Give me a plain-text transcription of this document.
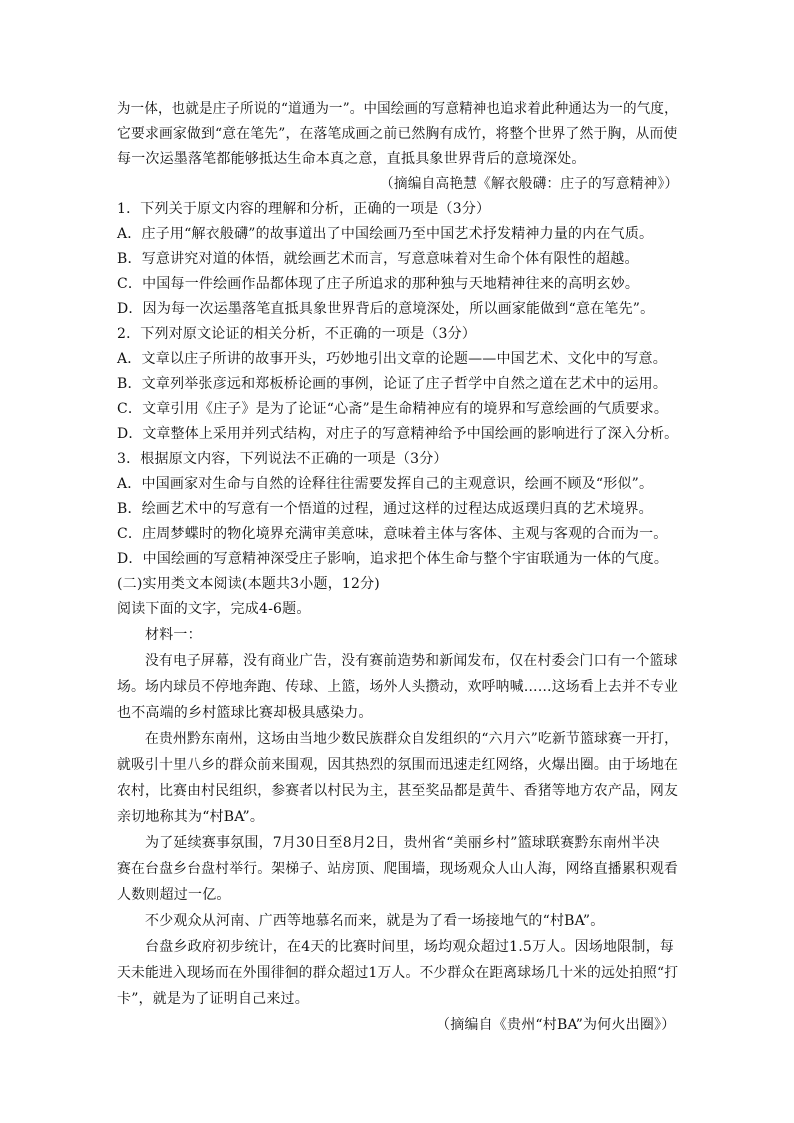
为一体，也就是庄子所说的“道通为一”。中国绘画的写意精神也追求着此种通达为一的气度，
它要求画家做到“意在笔先”，在落笔成画之前已然胸有成竹，将整个世界了然于胸，从而使
每一次运墨落笔都能够抵达生命本真之意，直抵具象世界背后的意境深处。
（摘编自高艳慧《解衣般礴：庄子的写意精神》）
1．下列关于原文内容的理解和分析，正确的一项是（3分）
A．庄子用“解衣般礴”的故事道出了中国绘画乃至中国艺术抒发精神力量的内在气质。
B．写意讲究对道的体悟，就绘画艺术而言，写意意味着对生命个体有限性的超越。
C．中国每一件绘画作品都体现了庄子所追求的那种独与天地精神往来的高明玄妙。
D．因为每一次运墨落笔直抵具象世界背后的意境深处，所以画家能做到“意在笔先”。
2．下列对原文论证的相关分析，不正确的一项是（3分）
A．文章以庄子所讲的故事开头，巧妙地引出文章的论题——中国艺术、文化中的写意。
B．文章列举张彦远和郑板桥论画的事例，论证了庄子哲学中自然之道在艺术中的运用。
C．文章引用《庄子》是为了论证“心斋”是生命精神应有的境界和写意绘画的气质要求。
D．文章整体上采用并列式结构，对庄子的写意精神给予中国绘画的影响进行了深入分析。
3．根据原文内容，下列说法不正确的一项是（3分）
A．中国画家对生命与自然的诠释往往需要发挥自己的主观意识，绘画不顾及“形似”。
B．绘画艺术中的写意有一个悟道的过程，通过这样的过程达成返璞归真的艺术境界。
C．庄周梦蝶时的物化境界充满审美意味，意味着主体与客体、主观与客观的合而为一。
D．中国绘画的写意精神深受庄子影响，追求把个体生命与整个宇宙联通为一体的气度。
(二)实用类文本阅读(本题共3小题，12分)
阅读下面的文字，完成4-6题。
材料一：
没有电子屏幕，没有商业广告，没有赛前造势和新闻发布，仅在村委会门口有一个篮球
场。场内球员不停地奔跑、传球、上篮，场外人头攒动，欢呼呐喊……这场看上去并不专业
也不高端的乡村篮球比赛却极具感染力。
在贵州黔东南州，这场由当地少数民族群众自发组织的“六月六”吃新节篮球赛一开打，
就吸引十里八乡的群众前来围观，因其热烈的氛围而迅速走红网络，火爆出圈。由于场地在
农村，比赛由村民组织，参赛者以村民为主，甚至奖品都是黄牛、香猪等地方农产品，网友
亲切地称其为“村BA”。
为了延续赛事氛围，7月30日至8月2日，贵州省“美丽乡村”篮球联赛黔东南州半决
赛在台盘乡台盘村举行。架梯子、站房顶、爬围墙，现场观众人山人海，网络直播累积观看
人数则超过一亿。
不少观众从河南、广西等地慕名而来，就是为了看一场接地气的“村BA”。
台盘乡政府初步统计，在4天的比赛时间里，场均观众超过1.5万人。因场地限制，每
天未能进入现场而在外围徘徊的群众超过1万人。不少群众在距离球场几十米的远处拍照“打
卡”，就是为了证明自己来过。
（摘编自《贵州“村BA”为何火出圈》）
